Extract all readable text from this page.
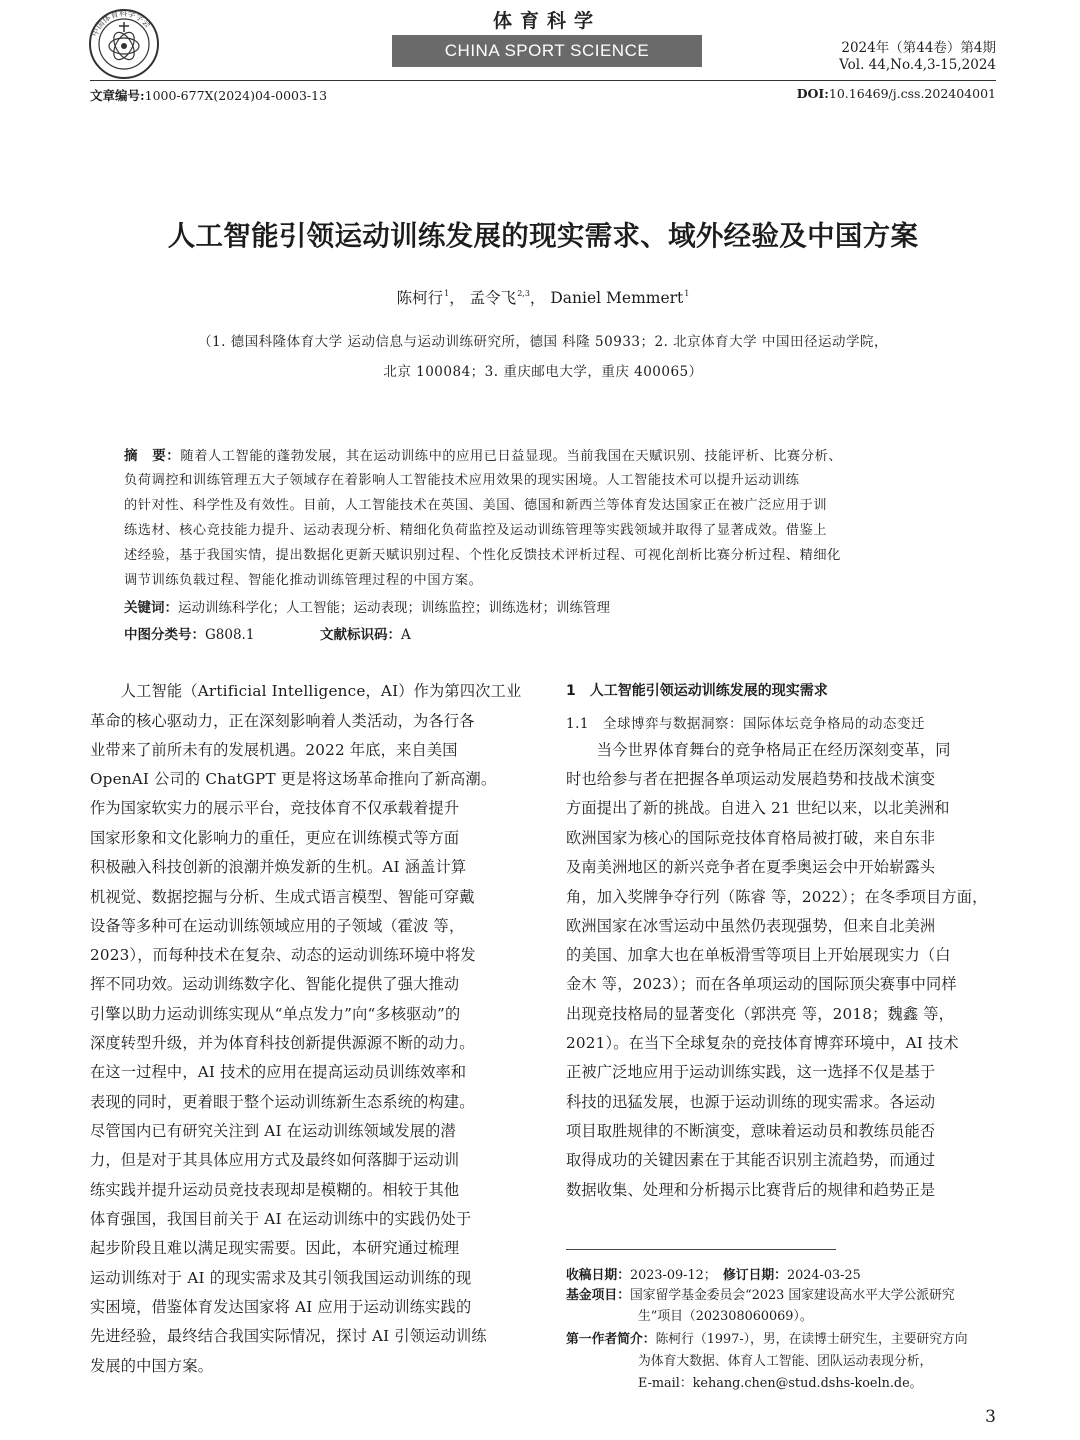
中国体育科学学会	体育科学
CHINA SPORT SCIENCE	2024年（第44卷）第4期
Vol. 44,No.4,3-15,2024
文章编号:1000-677X(2024)04-0003-13	DOI:10.16469/j.css.202404001
人工智能引领运动训练发展的现实需求、域外经验及中国方案
陈柯行$^1$， 孟令飞$^{2,3}$， Daniel Memmert$^1$
（1. 德国科隆体育大学 运动信息与运动训练研究所，德国 科隆 50933；2. 北京体育大学 中国田径运动学院，
北京 100084；3. 重庆邮电大学，重庆 400065）
摘　要：随着人工智能的蓬勃发展，其在运动训练中的应用已日益显现。当前我国在天赋识别、技能评析、比赛分析、
负荷调控和训练管理五大子领域存在着影响人工智能技术应用效果的现实困境。人工智能技术可以提升运动训练
的针对性、科学性及有效性。目前，人工智能技术在英国、美国、德国和新西兰等体育发达国家正在被广泛应用于训
练选材、核心竞技能力提升、运动表现分析、精细化负荷监控及运动训练管理等实践领域并取得了显著成效。借鉴上
述经验，基于我国实情，提出数据化更新天赋识别过程、个性化反馈技术评析过程、可视化剖析比赛分析过程、精细化
调节训练负载过程、智能化推动训练管理过程的中国方案。
关键词：运动训练科学化；人工智能；运动表现；训练监控；训练选材；训练管理
中图分类号：G808.1	文献标识码：A
　　人工智能（Artificial Intelligence，AI）作为第四次工业
革命的核心驱动力，正在深刻影响着人类活动，为各行各
业带来了前所未有的发展机遇。2022 年底，来自美国
OpenAI 公司的 ChatGPT 更是将这场革命推向了新高潮。
作为国家软实力的展示平台，竞技体育不仅承载着提升
国家形象和文化影响力的重任，更应在训练模式等方面
积极融入科技创新的浪潮并焕发新的生机。AI 涵盖计算
机视觉、数据挖掘与分析、生成式语言模型、智能可穿戴
设备等多种可在运动训练领域应用的子领域（霍波 等，
2023），而每种技术在复杂、动态的运动训练环境中将发
挥不同功效。运动训练数字化、智能化提供了强大推动
引擎以助力运动训练实现从“单点发力”向“多核驱动”的
深度转型升级，并为体育科技创新提供源源不断的动力。
在这一过程中，AI 技术的应用在提高运动员训练效率和
表现的同时，更着眼于整个运动训练新生态系统的构建。
尽管国内已有研究关注到 AI 在运动训练领域发展的潜
力，但是对于其具体应用方式及最终如何落脚于运动训
练实践并提升运动员竞技表现却是模糊的。相较于其他
体育强国，我国目前关于 AI 在运动训练中的实践仍处于
起步阶段且难以满足现实需要。因此，本研究通过梳理
运动训练对于 AI 的现实需求及其引领我国运动训练的现
实困境，借鉴体育发达国家将 AI 应用于运动训练实践的
先进经验，最终结合我国实际情况，探讨 AI 引领运动训练
发展的中国方案。
1　人工智能引领运动训练发展的现实需求
1.1　全球博弈与数据洞察：国际体坛竞争格局的动态变迁
　　当今世界体育舞台的竞争格局正在经历深刻变革，同
时也给参与者在把握各单项运动发展趋势和技战术演变
方面提出了新的挑战。自进入 21 世纪以来，以北美洲和
欧洲国家为核心的国际竞技体育格局被打破，来自东非
及南美洲地区的新兴竞争者在夏季奥运会中开始崭露头
角，加入奖牌争夺行列（陈睿 等，2022）；在冬季项目方面，
欧洲国家在冰雪运动中虽然仍表现强势，但来自北美洲
的美国、加拿大也在单板滑雪等项目上开始展现实力（白
金木 等，2023）；而在各单项运动的国际顶尖赛事中同样
出现竞技格局的显著变化（郭洪亮 等，2018；魏鑫 等，
2021）。在当下全球复杂的竞技体育博弈环境中，AI 技术
正被广泛地应用于运动训练实践，这一选择不仅是基于
科技的迅猛发展，也源于运动训练的现实需求。各运动
项目取胜规律的不断演变，意味着运动员和教练员能否
取得成功的关键因素在于其能否识别主流趋势，而通过
数据收集、处理和分析揭示比赛背后的规律和趋势正是
收稿日期：2023-09-12；　 修订日期：2024-03-25
基金项目：国家留学基金委员会“2023 国家建设高水平大学公派研究
生”项目（202308060069）。
第一作者简介：陈柯行（1997-），男，在读博士研究生，主要研究方向
为体育大数据、体育人工智能、团队运动表现分析，
E-mail：kehang.chen@stud.dshs-koeln.de。
3
